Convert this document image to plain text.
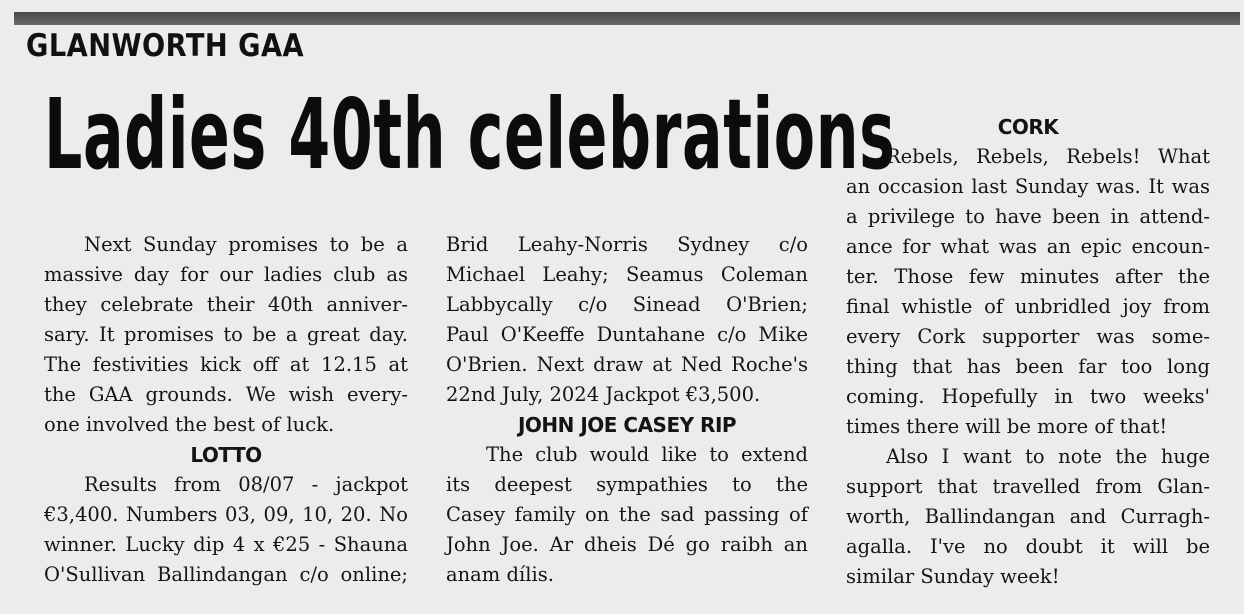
GLANWORTH GAA
Ladies 40th celebrations
Next Sunday promises to be a
massive day for our ladies club as
they celebrate their 40th anniver-
sary. It promises to be a great day.
The festivities kick off at 12.15 at
the GAA grounds. We wish every-
one involved the best of luck.
LOTTO
Results from 08/07 - jackpot
€3,400. Numbers 03, 09, 10, 20. No
winner. Lucky dip 4 x €25 - Shauna
O'Sullivan Ballindangan c/o online;
Brid Leahy-Norris Sydney c/o
Michael Leahy; Seamus Coleman
Labbycally c/o Sinead O'Brien;
Paul O'Keeffe Duntahane c/o Mike
O'Brien. Next draw at Ned Roche's
22nd July, 2024 Jackpot €3,500.
JOHN JOE CASEY RIP
The club would like to extend
its deepest sympathies to the
Casey family on the sad passing of
John Joe. Ar dheis Dé go raibh an
anam dílis.
CORK
Rebels, Rebels, Rebels! What
an occasion last Sunday was. It was
a privilege to have been in attend-
ance for what was an epic encoun-
ter. Those few minutes after the
final whistle of unbridled joy from
every Cork supporter was some-
thing that has been far too long
coming. Hopefully in two weeks'
times there will be more of that!
Also I want to note the huge
support that travelled from Glan-
worth, Ballindangan and Curragh-
agalla. I've no doubt it will be
similar Sunday week!
